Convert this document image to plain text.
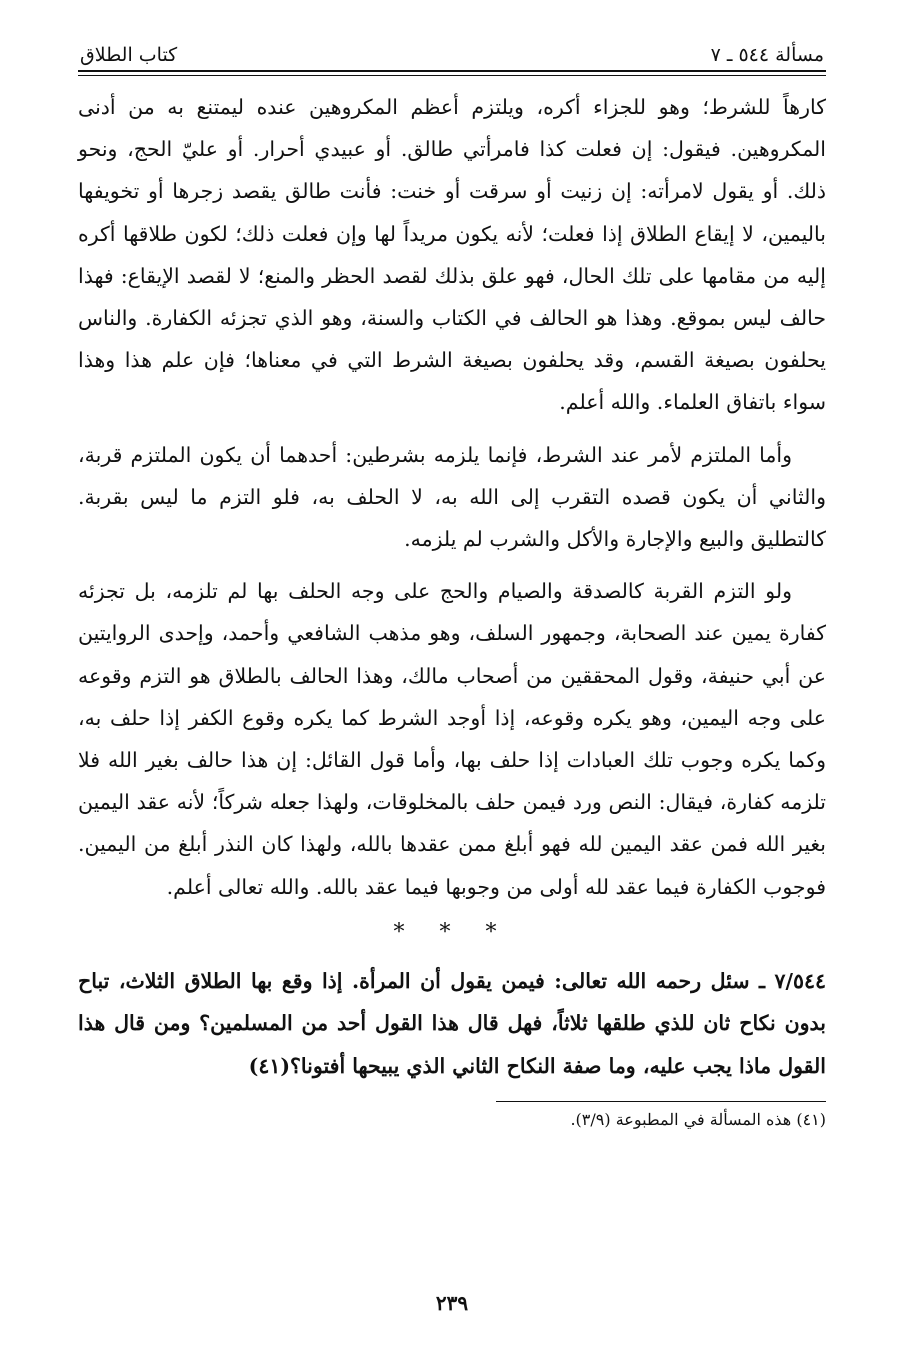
مسألة ٥٤٤ ـ ٧
كتاب الطلاق

كارهاً للشرط؛ وهو للجزاء أكره، ويلتزم أعظم المكروهين عنده ليمتنع به من أدنى المكروهين. فيقول: إن فعلت كذا فامرأتي طالق. أو عبيدي أحرار. أو عليّ الحج، ونحو ذلك. أو يقول لامرأته: إن زنيت أو سرقت أو خنت: فأنت طالق يقصد زجرها أو تخويفها باليمين، لا إيقاع الطلاق إذا فعلت؛ لأنه يكون مريداً لها وإن فعلت ذلك؛ لكون طلاقها أكره إليه من مقامها على تلك الحال، فهو علق بذلك لقصد الحظر والمنع؛ لا لقصد الإيقاع: فهذا حالف ليس بموقع. وهذا هو الحالف في الكتاب والسنة، وهو الذي تجزئه الكفارة. والناس يحلفون بصيغة القسم، وقد يحلفون بصيغة الشرط التي في معناها؛ فإن علم هذا وهذا سواء باتفاق العلماء. والله أعلم.

وأما الملتزم لأمر عند الشرط، فإنما يلزمه بشرطين: أحدهما أن يكون الملتزم قربة، والثاني أن يكون قصده التقرب إلى الله به، لا الحلف به، فلو التزم ما ليس بقربة. كالتطليق والبيع والإجارة والأكل والشرب لم يلزمه.

ولو التزم القربة كالصدقة والصيام والحج على وجه الحلف بها لم تلزمه، بل تجزئه كفارة يمين عند الصحابة، وجمهور السلف، وهو مذهب الشافعي وأحمد، وإحدى الروايتين عن أبي حنيفة، وقول المحققين من أصحاب مالك، وهذا الحالف بالطلاق هو التزم وقوعه على وجه اليمين، وهو يكره وقوعه، إذا أوجد الشرط كما يكره وقوع الكفر إذا حلف به، وكما يكره وجوب تلك العبادات إذا حلف بها، وأما قول القائل: إن هذا حالف بغير الله فلا تلزمه كفارة، فيقال: النص ورد فيمن حلف بالمخلوقات، ولهذا جعله شركاً؛ لأنه عقد اليمين بغير الله فمن عقد اليمين لله فهو أبلغ ممن عقدها بالله، ولهذا كان النذر أبلغ من اليمين. فوجوب الكفارة فيما عقد لله أولى من وجوبها فيما عقد بالله. والله تعالى أعلم.

* * *
٧/٥٤٤ ـ سئل رحمه الله تعالى: فيمن يقول أن المرأة. إذا وقع بها الطلاق الثلاث، تباح بدون نكاح ثان للذي طلقها ثلاثاً، فهل قال هذا القول أحد من المسلمين؟ ومن قال هذا القول ماذا يجب عليه، وما صفة النكاح الثاني الذي يبيحها أفتونا؟(٤١)
(٤١) هذه المسألة في المطبوعة (٣/٩).
٢٣٩
